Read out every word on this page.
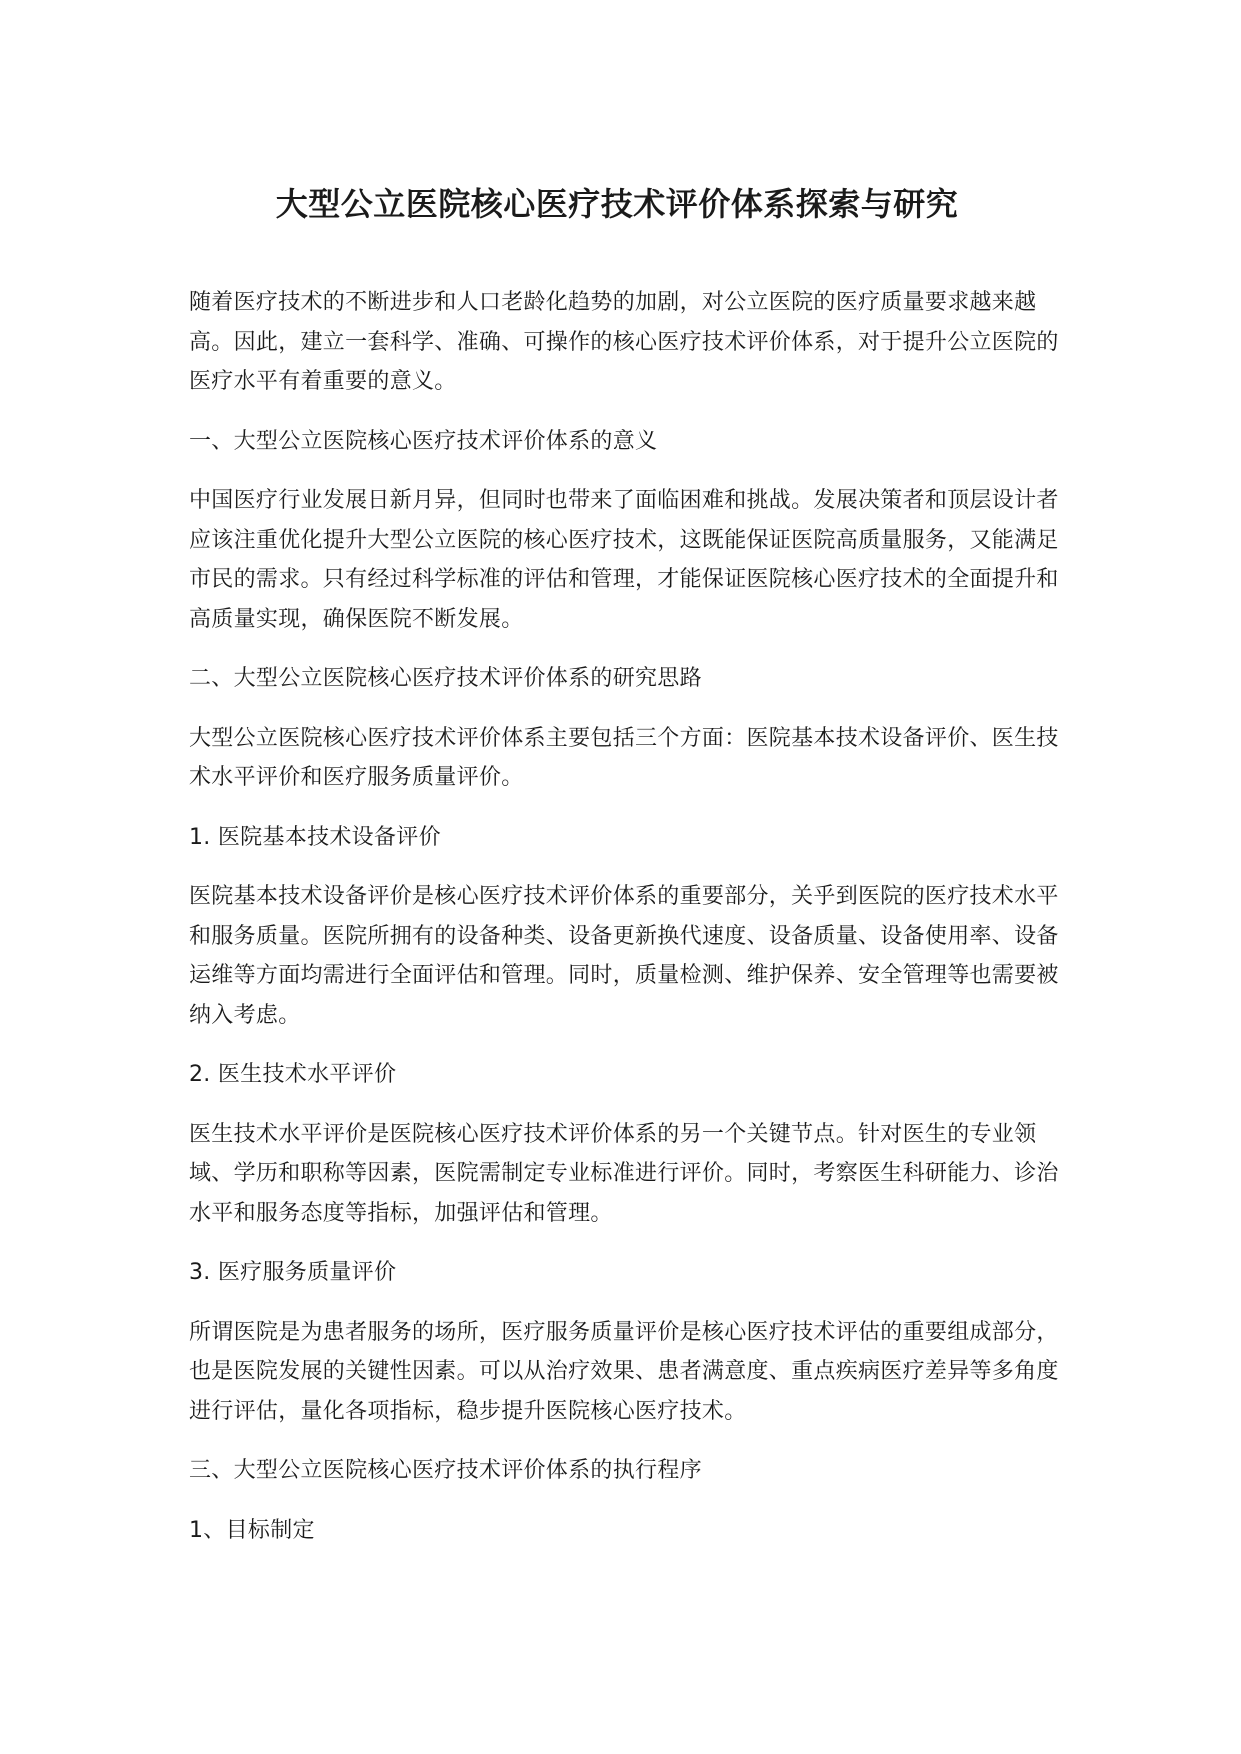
大型公立医院核心医疗技术评价体系探索与研究

随着医疗技术的不断进步和人口老龄化趋势的加剧，对公立医院的医疗质量要求越来越高。因此，建立一套科学、准确、可操作的核心医疗技术评价体系，对于提升公立医院的医疗水平有着重要的意义。

一、大型公立医院核心医疗技术评价体系的意义

中国医疗行业发展日新月异，但同时也带来了面临困难和挑战。发展决策者和顶层设计者应该注重优化提升大型公立医院的核心医疗技术，这既能保证医院高质量服务，又能满足市民的需求。只有经过科学标准的评估和管理，才能保证医院核心医疗技术的全面提升和高质量实现，确保医院不断发展。

二、大型公立医院核心医疗技术评价体系的研究思路

大型公立医院核心医疗技术评价体系主要包括三个方面：医院基本技术设备评价、医生技术水平评价和医疗服务质量评价。

1. 医院基本技术设备评价

医院基本技术设备评价是核心医疗技术评价体系的重要部分，关乎到医院的医疗技术水平和服务质量。医院所拥有的设备种类、设备更新换代速度、设备质量、设备使用率、设备运维等方面均需进行全面评估和管理。同时，质量检测、维护保养、安全管理等也需要被纳入考虑。

2. 医生技术水平评价

医生技术水平评价是医院核心医疗技术评价体系的另一个关键节点。针对医生的专业领域、学历和职称等因素，医院需制定专业标准进行评价。同时，考察医生科研能力、诊治水平和服务态度等指标，加强评估和管理。

3. 医疗服务质量评价

所谓医院是为患者服务的场所，医疗服务质量评价是核心医疗技术评估的重要组成部分，也是医院发展的关键性因素。可以从治疗效果、患者满意度、重点疾病医疗差异等多角度进行评估，量化各项指标，稳步提升医院核心医疗技术。

三、大型公立医院核心医疗技术评价体系的执行程序
1、目标制定
